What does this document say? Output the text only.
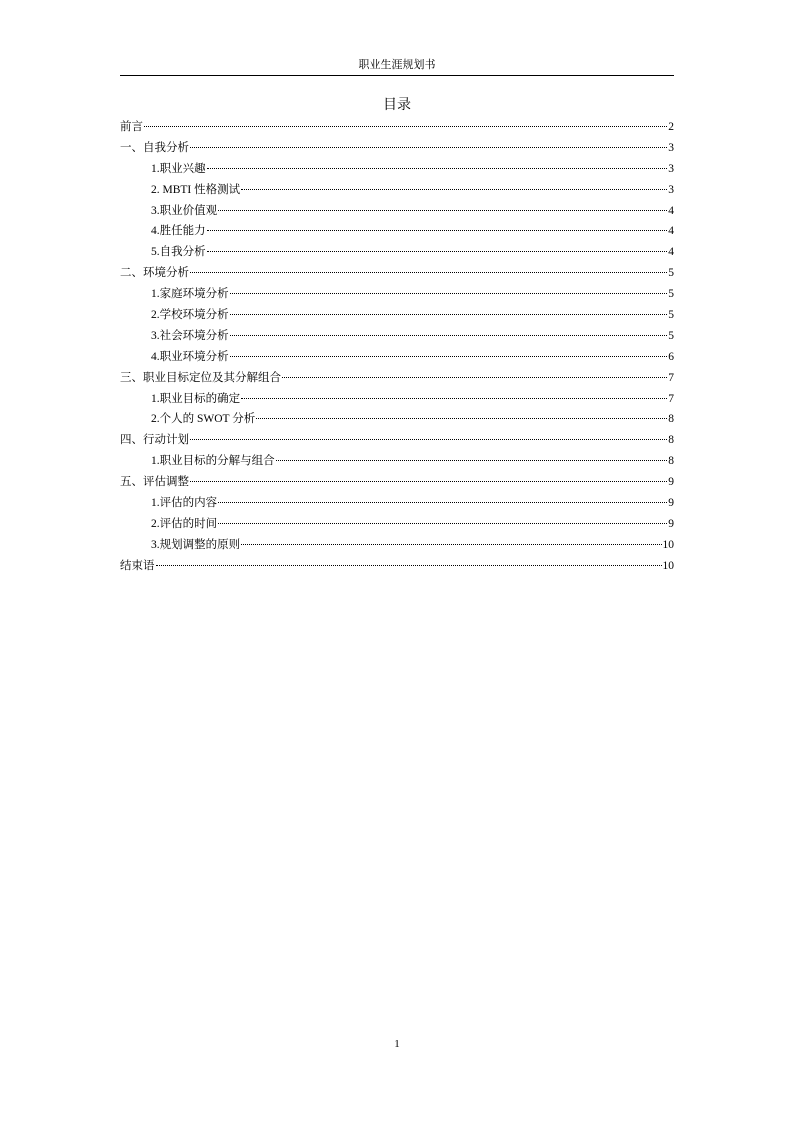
职业生涯规划书
目录
前言	2
一、自我分析	3
1.职业兴趣	3
2. MBTI 性格测试	3
3.职业价值观	4
4.胜任能力	4
5.自我分析	4
二、环境分析	5
1.家庭环境分析	5
2.学校环境分析	5
3.社会环境分析	5
4.职业环境分析	6
三、职业目标定位及其分解组合	7
1.职业目标的确定	7
2.个人的 SWOT 分析	8
四、行动计划	8
1.职业目标的分解与组合	8
五、评估调整	9
1.评估的内容	9
2.评估的时间	9
3.规划调整的原则	10
结束语	10
1
